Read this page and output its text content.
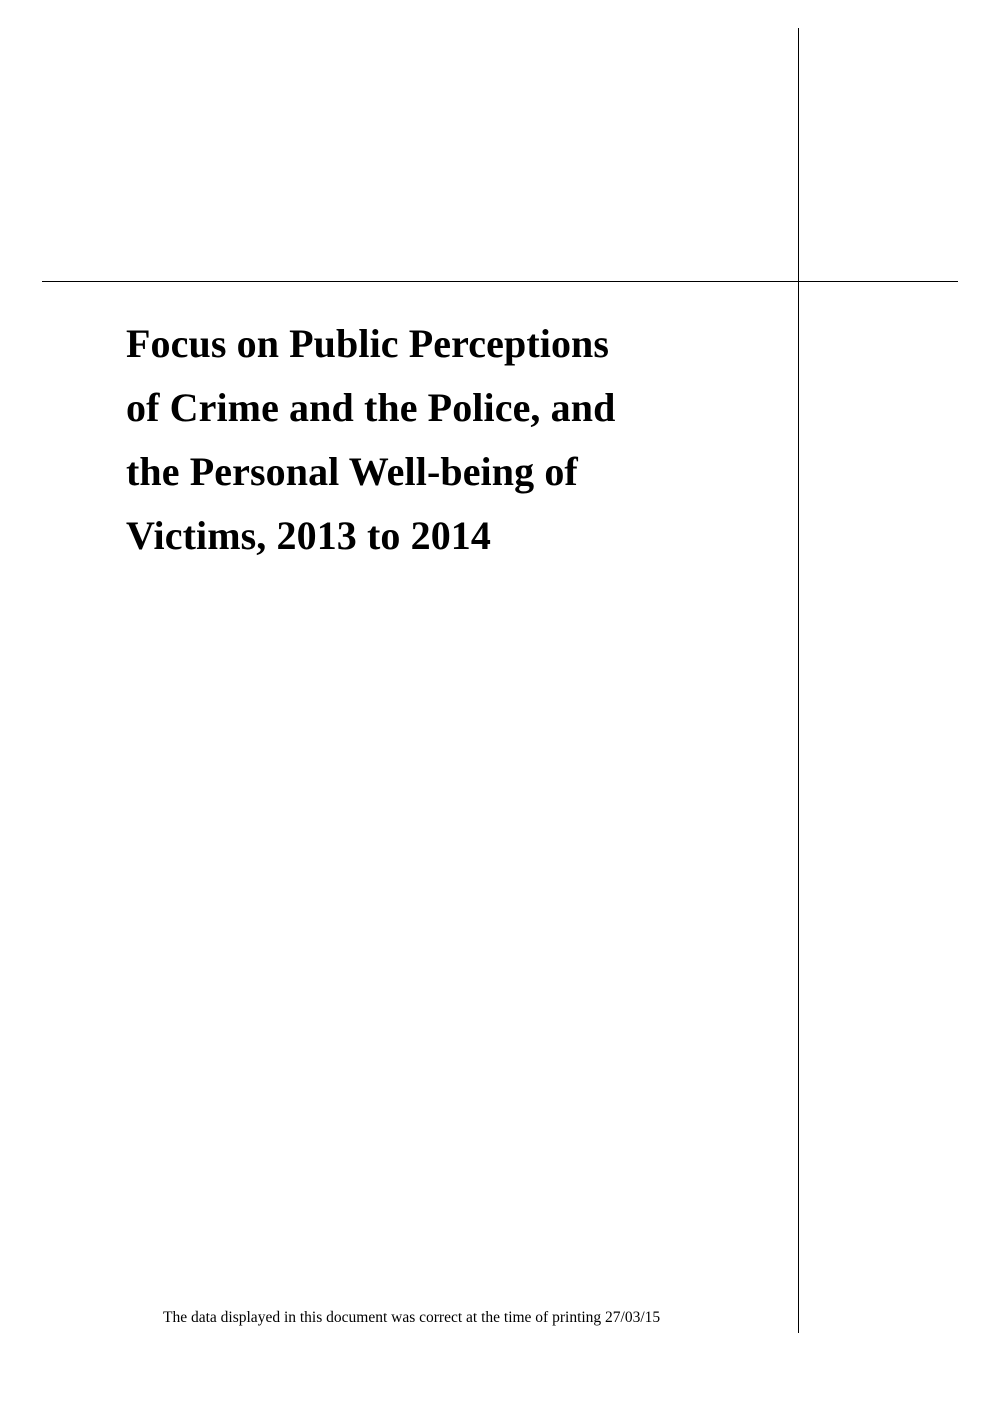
Focus on Public Perceptions
of Crime and the Police, and
the Personal Well-being of
Victims, 2013 to 2014
The data displayed in this document was correct at the time of printing 27/03/15
